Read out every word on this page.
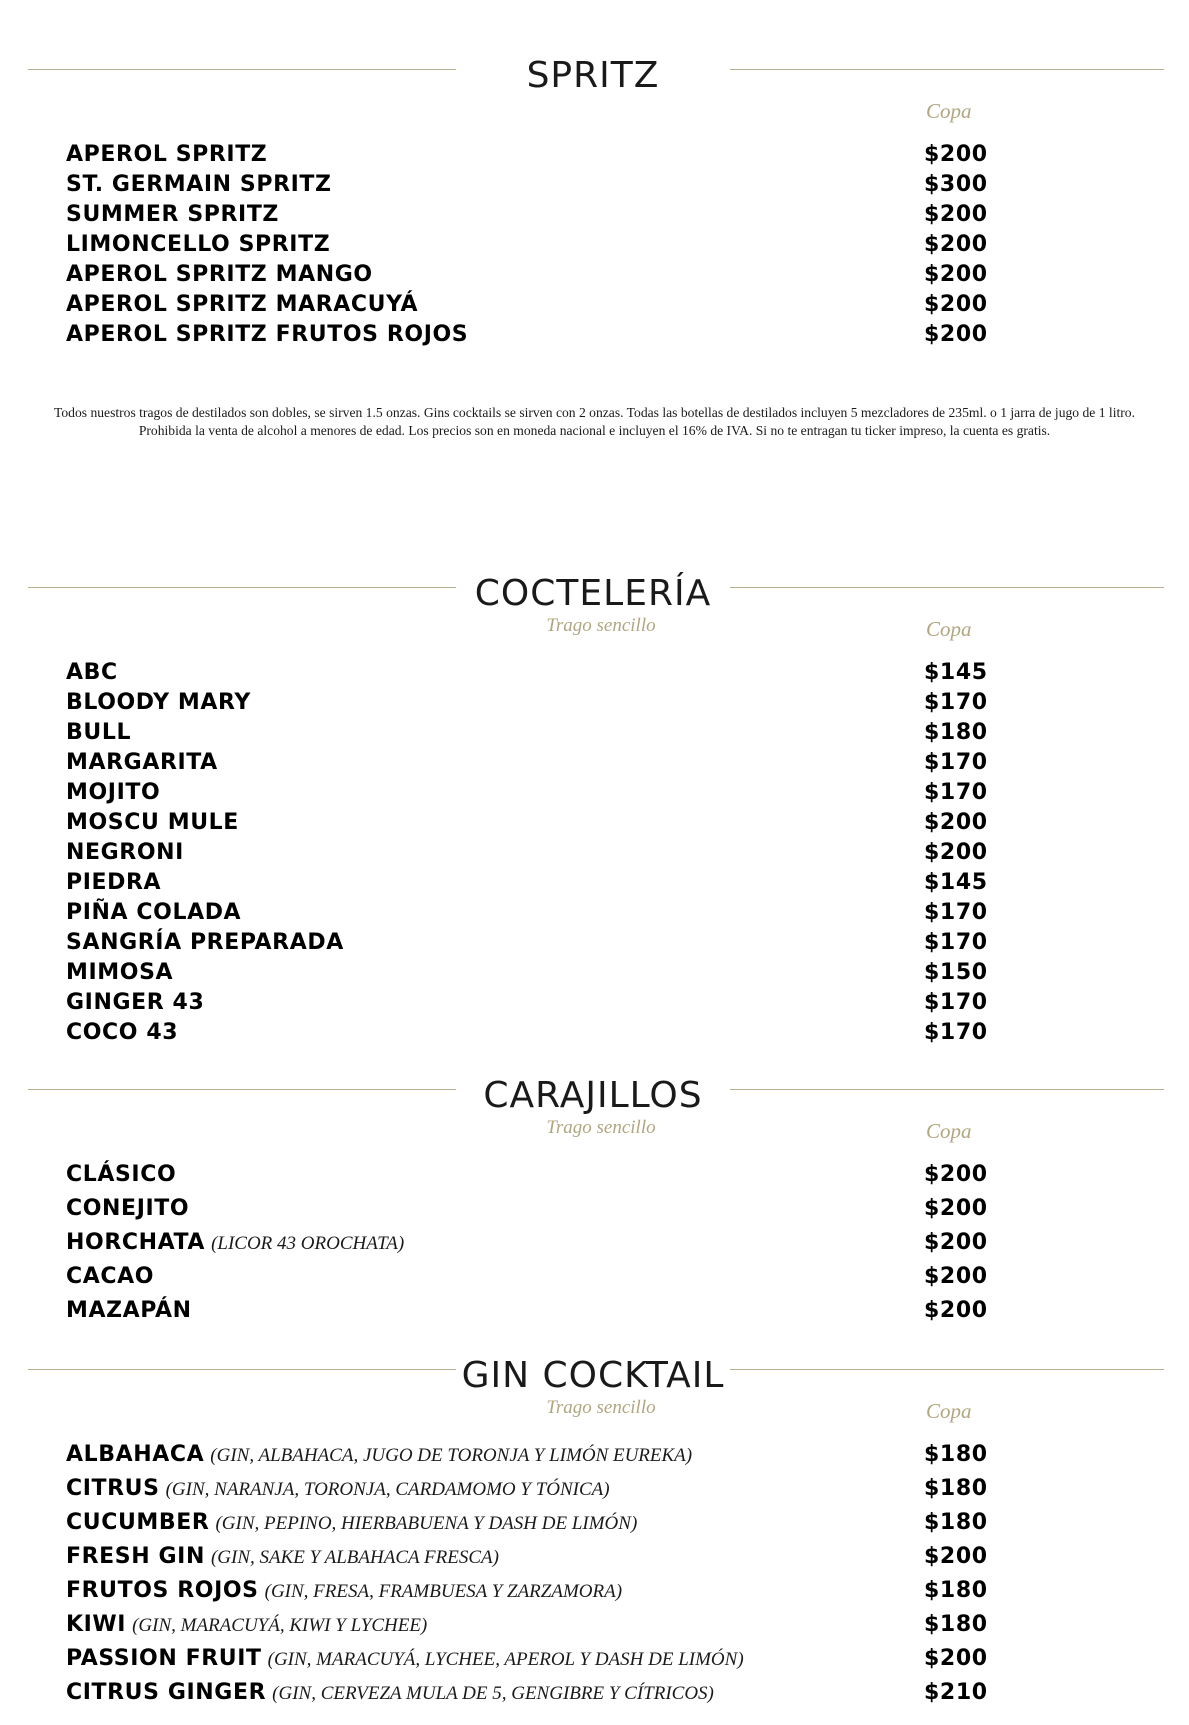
SPRITZ
Copa
APEROL SPRITZ	$200
ST. GERMAIN SPRITZ	$300
SUMMER SPRITZ	$200
LIMONCELLO SPRITZ	$200
APEROL SPRITZ MANGO	$200
APEROL SPRITZ MARACUYÁ	$200
APEROL SPRITZ FRUTOS ROJOS	$200
Todos nuestros tragos de destilados son dobles, se sirven 1.5 onzas. Gins cocktails se sirven con 2 onzas. Todas las botellas de destilados incluyen 5 mezcladores de 235ml. o 1 jarra de jugo de 1 litro.
Prohibida la venta de alcohol a menores de edad. Los precios son en moneda nacional e incluyen el 16% de IVA. Si no te entragan tu ticker impreso, la cuenta es gratis.
COCTELERÍA
Trago sencillo	Copa
ABC	$145
BLOODY MARY	$170
BULL	$180
MARGARITA	$170
MOJITO	$170
MOSCU MULE	$200
NEGRONI	$200
PIEDRA	$145
PIÑA COLADA	$170
SANGRÍA PREPARADA	$170
MIMOSA	$150
GINGER 43	$170
COCO 43	$170
CARAJILLOS
Trago sencillo	Copa
CLÁSICO	$200
CONEJITO	$200
HORCHATA (LICOR 43 OROCHATA)	$200
CACAO	$200
MAZAPÁN	$200
GIN COCKTAIL
Trago sencillo	Copa
ALBAHACA (GIN, ALBAHACA, JUGO DE TORONJA Y LIMÓN EUREKA)	$180
CITRUS (GIN, NARANJA, TORONJA, CARDAMOMO Y TÓNICA)	$180
CUCUMBER (GIN, PEPINO, HIERBABUENA Y DASH DE LIMÓN)	$180
FRESH GIN (GIN, SAKE Y ALBAHACA FRESCA)	$200
FRUTOS ROJOS (GIN, FRESA, FRAMBUESA Y ZARZAMORA)	$180
KIWI (GIN, MARACUYÁ, KIWI Y LYCHEE)	$180
PASSION FRUIT (GIN, MARACUYÁ, LYCHEE, APEROL Y DASH DE LIMÓN)	$200
CITRUS GINGER (GIN, CERVEZA MULA DE 5, GENGIBRE Y CÍTRICOS)	$210
